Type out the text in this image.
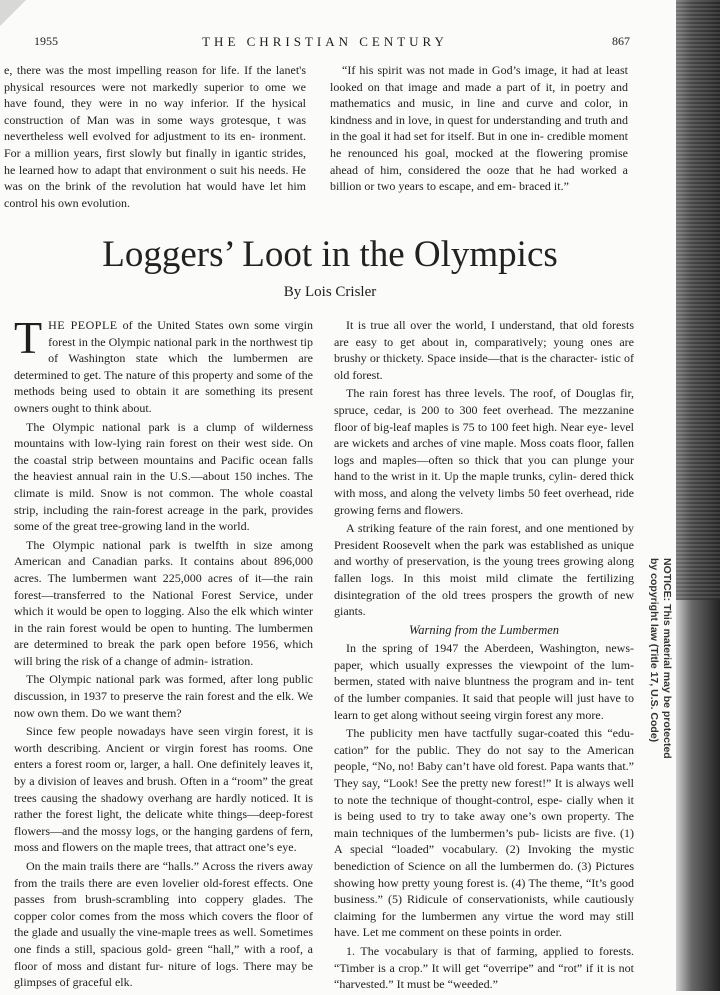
1955	THE CHRISTIAN CENTURY	867

e, there was the most impelling reason for life. If the lanet's physical resources were not markedly superior to ome we have found, they were in no way inferior. If the hysical construction of Man was in some ways grotesque, t was nevertheless well evolved for adjustment to its en- ironment. For a million years, first slowly but finally in igantic strides, he learned how to adapt that environment o suit his needs. He was on the brink of the revolution hat would have let him control his own evolution.

“If his spirit was not made in God’s image, it had at least looked on that image and made a part of it, in poetry and mathematics and music, in line and curve and color, in kindness and in love, in quest for understanding and truth and in the goal it had set for itself. But in one in- credible moment he renounced his goal, mocked at the flowering promise ahead of him, considered the ooze that he had worked a billion or two years to escape, and em- braced it.”

Loggers’ Loot in the Olympics
By Lois Crisler

THE PEOPLE of the United States own some virgin forest in the Olympic national park in the northwest tip of Washington state which the lumbermen are determined to get. The nature of this property and some of the methods being used to obtain it are something its present owners ought to think about.

The Olympic national park is a clump of wilderness mountains with low-lying rain forest on their west side. On the coastal strip between mountains and Pacific ocean falls the heaviest annual rain in the U.S.—about 150 inches. The climate is mild. Snow is not common. The whole coastal strip, including the rain-forest acreage in the park, provides some of the great tree-growing land in the world.

The Olympic national park is twelfth in size among American and Canadian parks. It contains about 896,000 acres. The lumbermen want 225,000 acres of it—the rain forest—transferred to the National Forest Service, under which it would be open to logging. Also the elk which winter in the rain forest would be open to hunting. The lumbermen are determined to break the park open before 1956, which will bring the risk of a change of admin- istration.

The Olympic national park was formed, after long public discussion, in 1937 to preserve the rain forest and the elk. We now own them. Do we want them?

Since few people nowadays have seen virgin forest, it is worth describing. Ancient or virgin forest has rooms. One enters a forest room or, larger, a hall. One definitely leaves it, by a division of leaves and brush. Often in a “room” the great trees causing the shadowy overhang are hardly noticed. It is rather the forest light, the delicate white things—deep-forest flowers—and the mossy logs, or the hanging gardens of fern, moss and flowers on the maple trees, that attract one’s eye.

On the main trails there are “halls.” Across the rivers away from the trails there are even lovelier old-forest effects. One passes from brush-scrambling into coppery glades. The copper color comes from the moss which covers the floor of the glade and usually the vine-maple trees as well. Sometimes one finds a still, spacious gold- green “hall,” with a roof, a floor of moss and distant fur- niture of logs. There may be glimpses of graceful elk.

It is true all over the world, I understand, that old forests are easy to get about in, comparatively; young ones are brushy or thickety. Space inside—that is the character- istic of old forest.

The rain forest has three levels. The roof, of Douglas fir, spruce, cedar, is 200 to 300 feet overhead. The mezzanine floor of big-leaf maples is 75 to 100 feet high. Near eye- level are wickets and arches of vine maple. Moss coats floor, fallen logs and maples—often so thick that you can plunge your hand to the wrist in it. Up the maple trunks, cylin- dered thick with moss, and along the velvety limbs 50 feet overhead, ride growing ferns and flowers.

A striking feature of the rain forest, and one mentioned by President Roosevelt when the park was established as unique and worthy of preservation, is the young trees growing along fallen logs. In this moist mild climate the fertilizing disintegration of the old trees prospers the growth of new giants.

Warning from the Lumbermen

In the spring of 1947 the Aberdeen, Washington, news- paper, which usually expresses the viewpoint of the lum- bermen, stated with naive bluntness the program and in- tent of the lumber companies. It said that people will just have to learn to get along without seeing virgin forest any more.

The publicity men have tactfully sugar-coated this “edu- cation” for the public. They do not say to the American people, “No, no! Baby can’t have old forest. Papa wants that.” They say, “Look! See the pretty new forest!” It is always well to note the technique of thought-control, espe- cially when it is being used to try to take away one’s own property. The main techniques of the lumbermen’s pub- licists are five. (1) A special “loaded” vocabulary. (2) Invoking the mystic benediction of Science on all the lumbermen do. (3) Pictures showing how pretty young forest is. (4) The theme, “It’s good business.” (5) Ridicule of conservationists, while cautiously claiming for the lumbermen any virtue the word may still have. Let me comment on these points in order.

1. The vocabulary is that of farming, applied to forests. “Timber is a crop.” It will get “overripe” and “rot” if it is not “harvested.” It must be “weeded.”

NOTICE: This material may be protected
by copyright law (Title 17, U.S. Code)
